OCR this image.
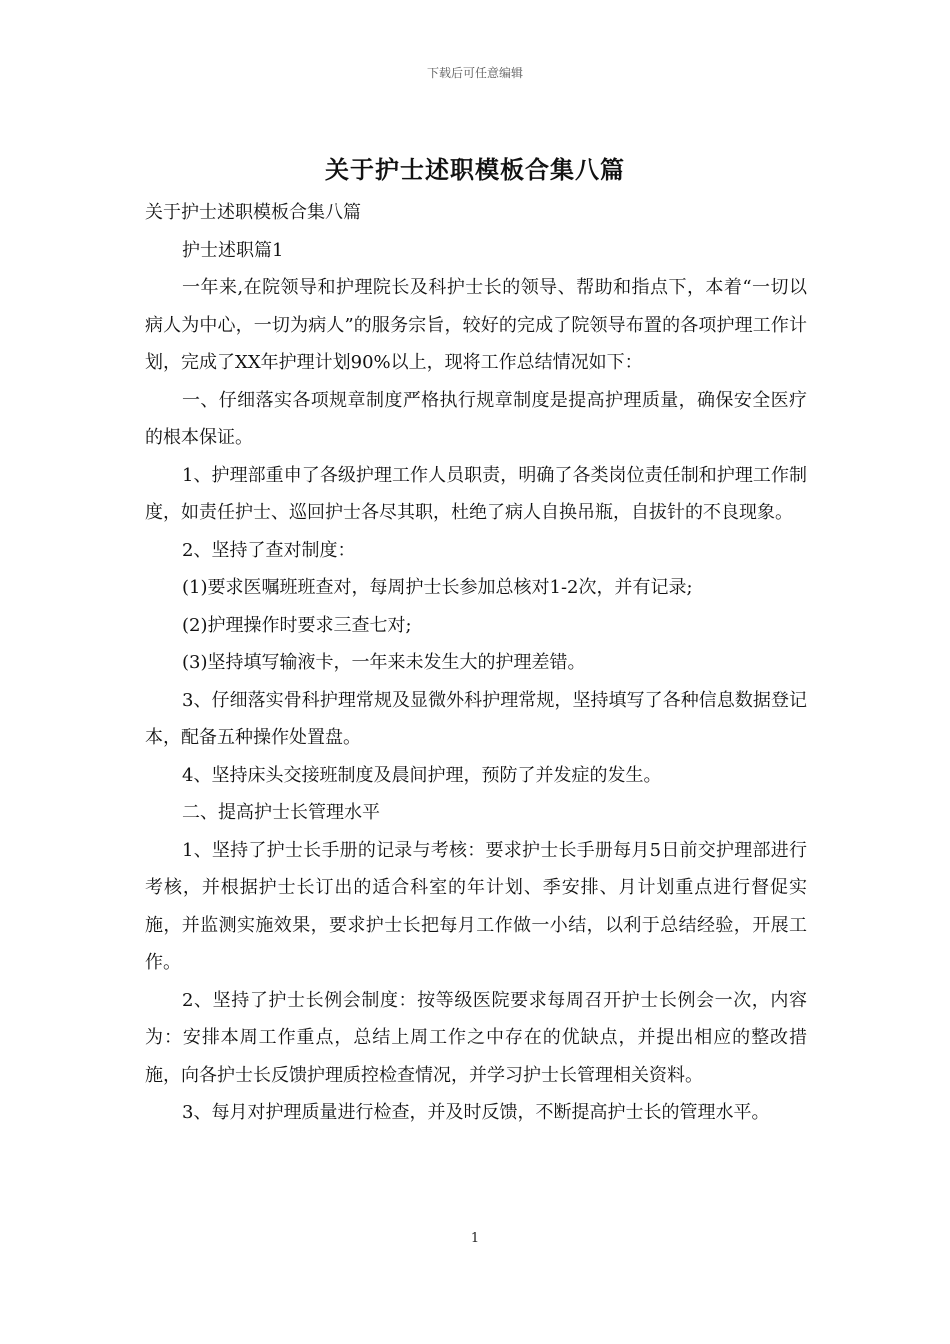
下载后可任意编辑
关于护士述职模板合集八篇

关于护士述职模板合集八篇

护士述职篇1

一年来,在院领导和护理院长及科护士长的领导、帮助和指点下，本着“一切以病人为中心，一切为病人”的服务宗旨，较好的完成了院领导布置的各项护理工作计划，完成了XX年护理计划90%以上，现将工作总结情况如下：

一、仔细落实各项规章制度严格执行规章制度是提高护理质量，确保安全医疗的根本保证。

1、护理部重申了各级护理工作人员职责，明确了各类岗位责任制和护理工作制度，如责任护士、巡回护士各尽其职，杜绝了病人自换吊瓶，自拔针的不良现象。

2、坚持了查对制度：

(1)要求医嘱班班查对，每周护士长参加总核对1-2次，并有记录;

(2)护理操作时要求三查七对;

(3)坚持填写输液卡，一年来未发生大的护理差错。

3、仔细落实骨科护理常规及显微外科护理常规，坚持填写了各种信息数据登记本，配备五种操作处置盘。

4、坚持床头交接班制度及晨间护理，预防了并发症的发生。

二、提高护士长管理水平

1、坚持了护士长手册的记录与考核：要求护士长手册每月5日前交护理部进行考核，并根据护士长订出的适合科室的年计划、季安排、月计划重点进行督促实施，并监测实施效果，要求护士长把每月工作做一小结，以利于总结经验，开展工作。

2、坚持了护士长例会制度：按等级医院要求每周召开护士长例会一次，内容为：安排本周工作重点，总结上周工作之中存在的优缺点，并提出相应的整改措施，向各护士长反馈护理质控检查情况，并学习护士长管理相关资料。

3、每月对护理质量进行检查，并及时反馈，不断提高护士长的管理水平。

1
